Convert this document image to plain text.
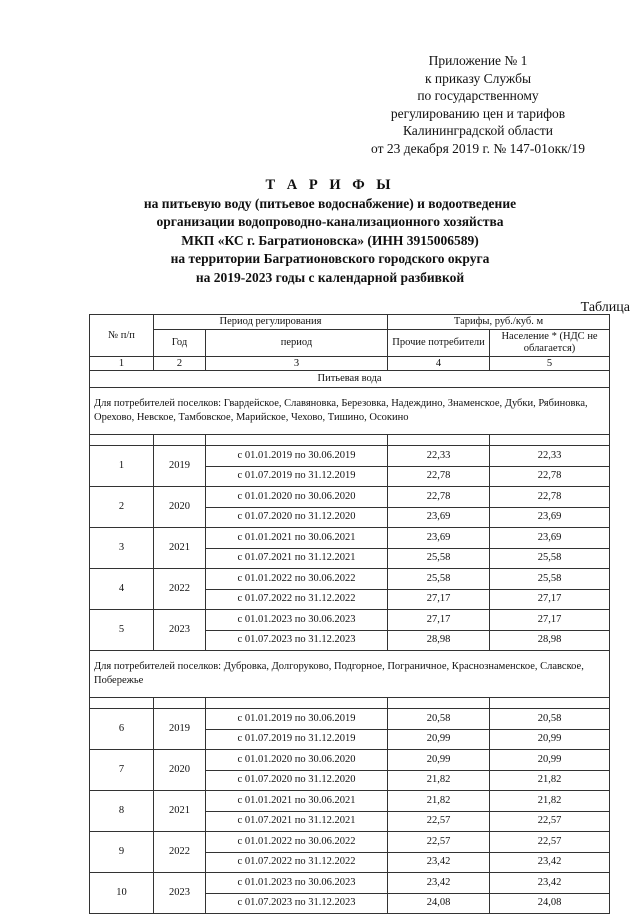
Приложение № 1
к приказу Службы
по государственному
регулированию цен и тарифов
Калининградской области
от 23 декабря 2019 г. № 147-01окк/19
Т А Р И Ф Ы
на питьевую воду (питьевое водоснабжение) и водоотведение
организации водопроводно-канализационного хозяйства
МКП «КС г. Багратионовска» (ИНН 3915006589)
на территории Багратионовского городского округа
на 2019-2023 годы с календарной разбивкой
Таблица
№ п/п	Период регулирования		Тарифы, руб./куб. м	
	Год	период	Прочие потребители	Население * (НДС не облагается)
1	2	3	4	5
Питьевая вода				
Для потребителей поселков: Гвардейское, Славяновка, Березовка, Надеждино, Знаменское, Дубки, Рябиновка, Орехово, Невское, Тамбовское, Марийское, Чехово, Тишино, Осокино				

1	2019	с 01.01.2019 по 30.06.2019	22,33	22,33
		с 01.07.2019 по 31.12.2019	22,78	22,78
2	2020	с 01.01.2020 по 30.06.2020	22,78	22,78
		с 01.07.2020 по 31.12.2020	23,69	23,69
3	2021	с 01.01.2021 по 30.06.2021	23,69	23,69
		с 01.07.2021 по 31.12.2021	25,58	25,58
4	2022	с 01.01.2022 по 30.06.2022	25,58	25,58
		с 01.07.2022 по 31.12.2022	27,17	27,17
5	2023	с 01.01.2023 по 30.06.2023	27,17	27,17
		с 01.07.2023 по 31.12.2023	28,98	28,98
Для потребителей поселков: Дубровка, Долгоруково, Подгорное, Пограничное, Краснознаменское, Славское, Побережье				

6	2019	с 01.01.2019 по 30.06.2019	20,58	20,58
		с 01.07.2019 по 31.12.2019	20,99	20,99
7	2020	с 01.01.2020 по 30.06.2020	20,99	20,99
		с 01.07.2020 по 31.12.2020	21,82	21,82
8	2021	с 01.01.2021 по 30.06.2021	21,82	21,82
		с 01.07.2021 по 31.12.2021	22,57	22,57
9	2022	с 01.01.2022 по 30.06.2022	22,57	22,57
		с 01.07.2022 по 31.12.2022	23,42	23,42
10	2023	с 01.01.2023 по 30.06.2023	23,42	23,42
		с 01.07.2023 по 31.12.2023	24,08	24,08
